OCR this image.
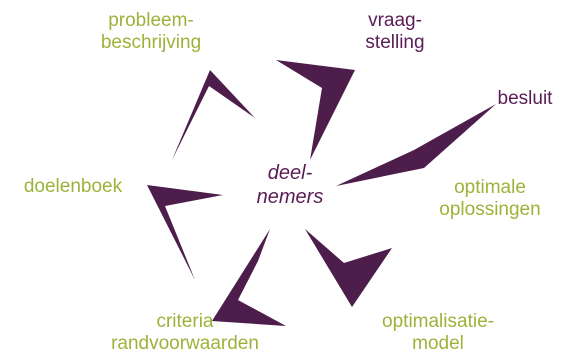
probleem-
beschrijving
vraag-
stelling
besluit
optimale
oplossingen
optimalisatie-
model
criteria
randvoorwaarden
doelenboek
deel-
nemers
